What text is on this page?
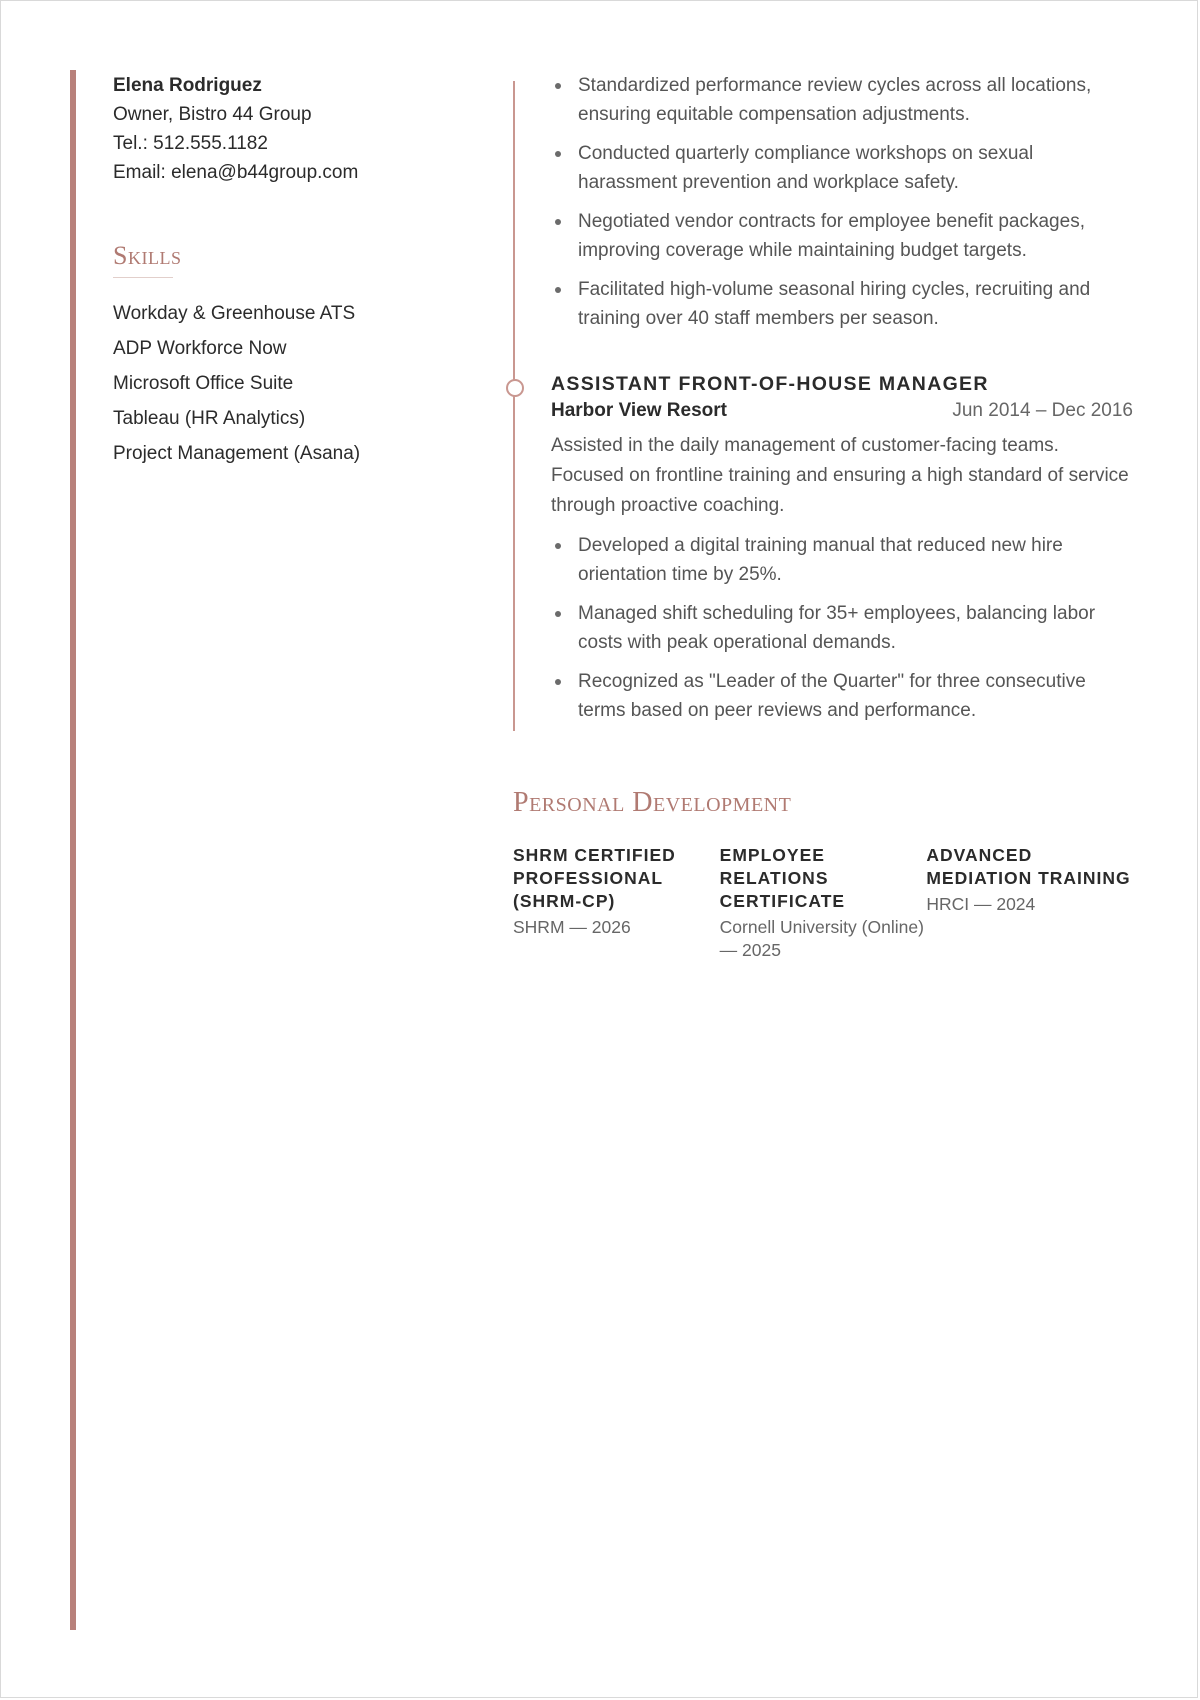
Elena Rodriguez
Owner, Bistro 44 Group
Tel.: 512.555.1182
Email: elena@b44group.com
Skills
Workday & Greenhouse ATS
ADP Workforce Now
Microsoft Office Suite
Tableau (HR Analytics)
Project Management (Asana)
Standardized performance review cycles across all locations, ensuring equitable compensation adjustments.
Conducted quarterly compliance workshops on sexual harassment prevention and workplace safety.
Negotiated vendor contracts for employee benefit packages, improving coverage while maintaining budget targets.
Facilitated high-volume seasonal hiring cycles, recruiting and training over 40 staff members per season.
ASSISTANT FRONT-OF-HOUSE MANAGER
Harbor View Resort	Jun 2014 – Dec 2016
Assisted in the daily management of customer-facing teams. Focused on frontline training and ensuring a high standard of service through proactive coaching.
Developed a digital training manual that reduced new hire orientation time by 25%.
Managed shift scheduling for 35+ employees, balancing labor costs with peak operational demands.
Recognized as "Leader of the Quarter" for three consecutive terms based on peer reviews and performance.
Personal Development
SHRM CERTIFIED PROFESSIONAL (SHRM-CP)
SHRM — 2026
EMPLOYEE RELATIONS CERTIFICATE
Cornell University (Online) — 2025
ADVANCED MEDIATION TRAINING
HRCI — 2024
